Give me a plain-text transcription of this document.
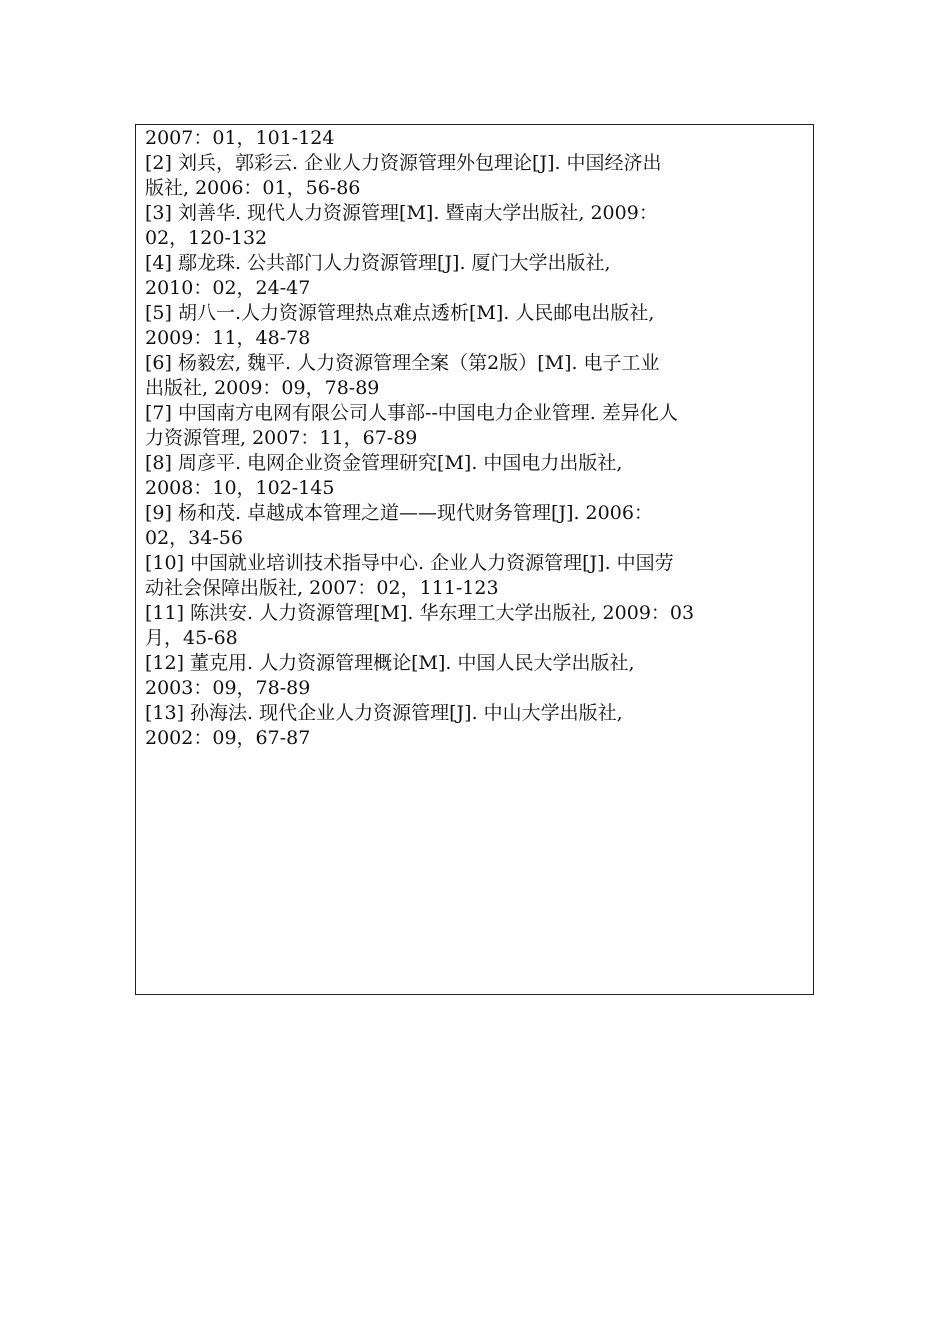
2007：01，101-124
[2] 刘兵，郭彩云. 企业人力资源管理外包理论[J]. 中国经济出
版社, 2006：01，56-86
[3] 刘善华. 现代人力资源管理[M]. 暨南大学出版社, 2009：
02，120-132
[4] 鄢龙珠. 公共部门人力资源管理[J]. 厦门大学出版社,
2010：02，24-47
[5] 胡八一.人力资源管理热点难点透析[M]. 人民邮电出版社,
2009：11，48-78
[6] 杨毅宏, 魏平. 人力资源管理全案（第2版）[M]. 电子工业
出版社, 2009：09，78-89
[7] 中国南方电网有限公司人事部--中国电力企业管理. 差异化人
力资源管理, 2007：11，67-89
[8] 周彦平. 电网企业资金管理研究[M]. 中国电力出版社,
2008：10，102-145
[9] 杨和茂. 卓越成本管理之道——现代财务管理[J]. 2006：
02，34-56
[10] 中国就业培训技术指导中心. 企业人力资源管理[J]. 中国劳
动社会保障出版社, 2007：02，111-123
[11] 陈洪安. 人力资源管理[M]. 华东理工大学出版社, 2009：03
月，45-68
[12] 董克用. 人力资源管理概论[M]. 中国人民大学出版社,
2003：09，78-89
[13] 孙海法. 现代企业人力资源管理[J]. 中山大学出版社,
2002：09，67-87
